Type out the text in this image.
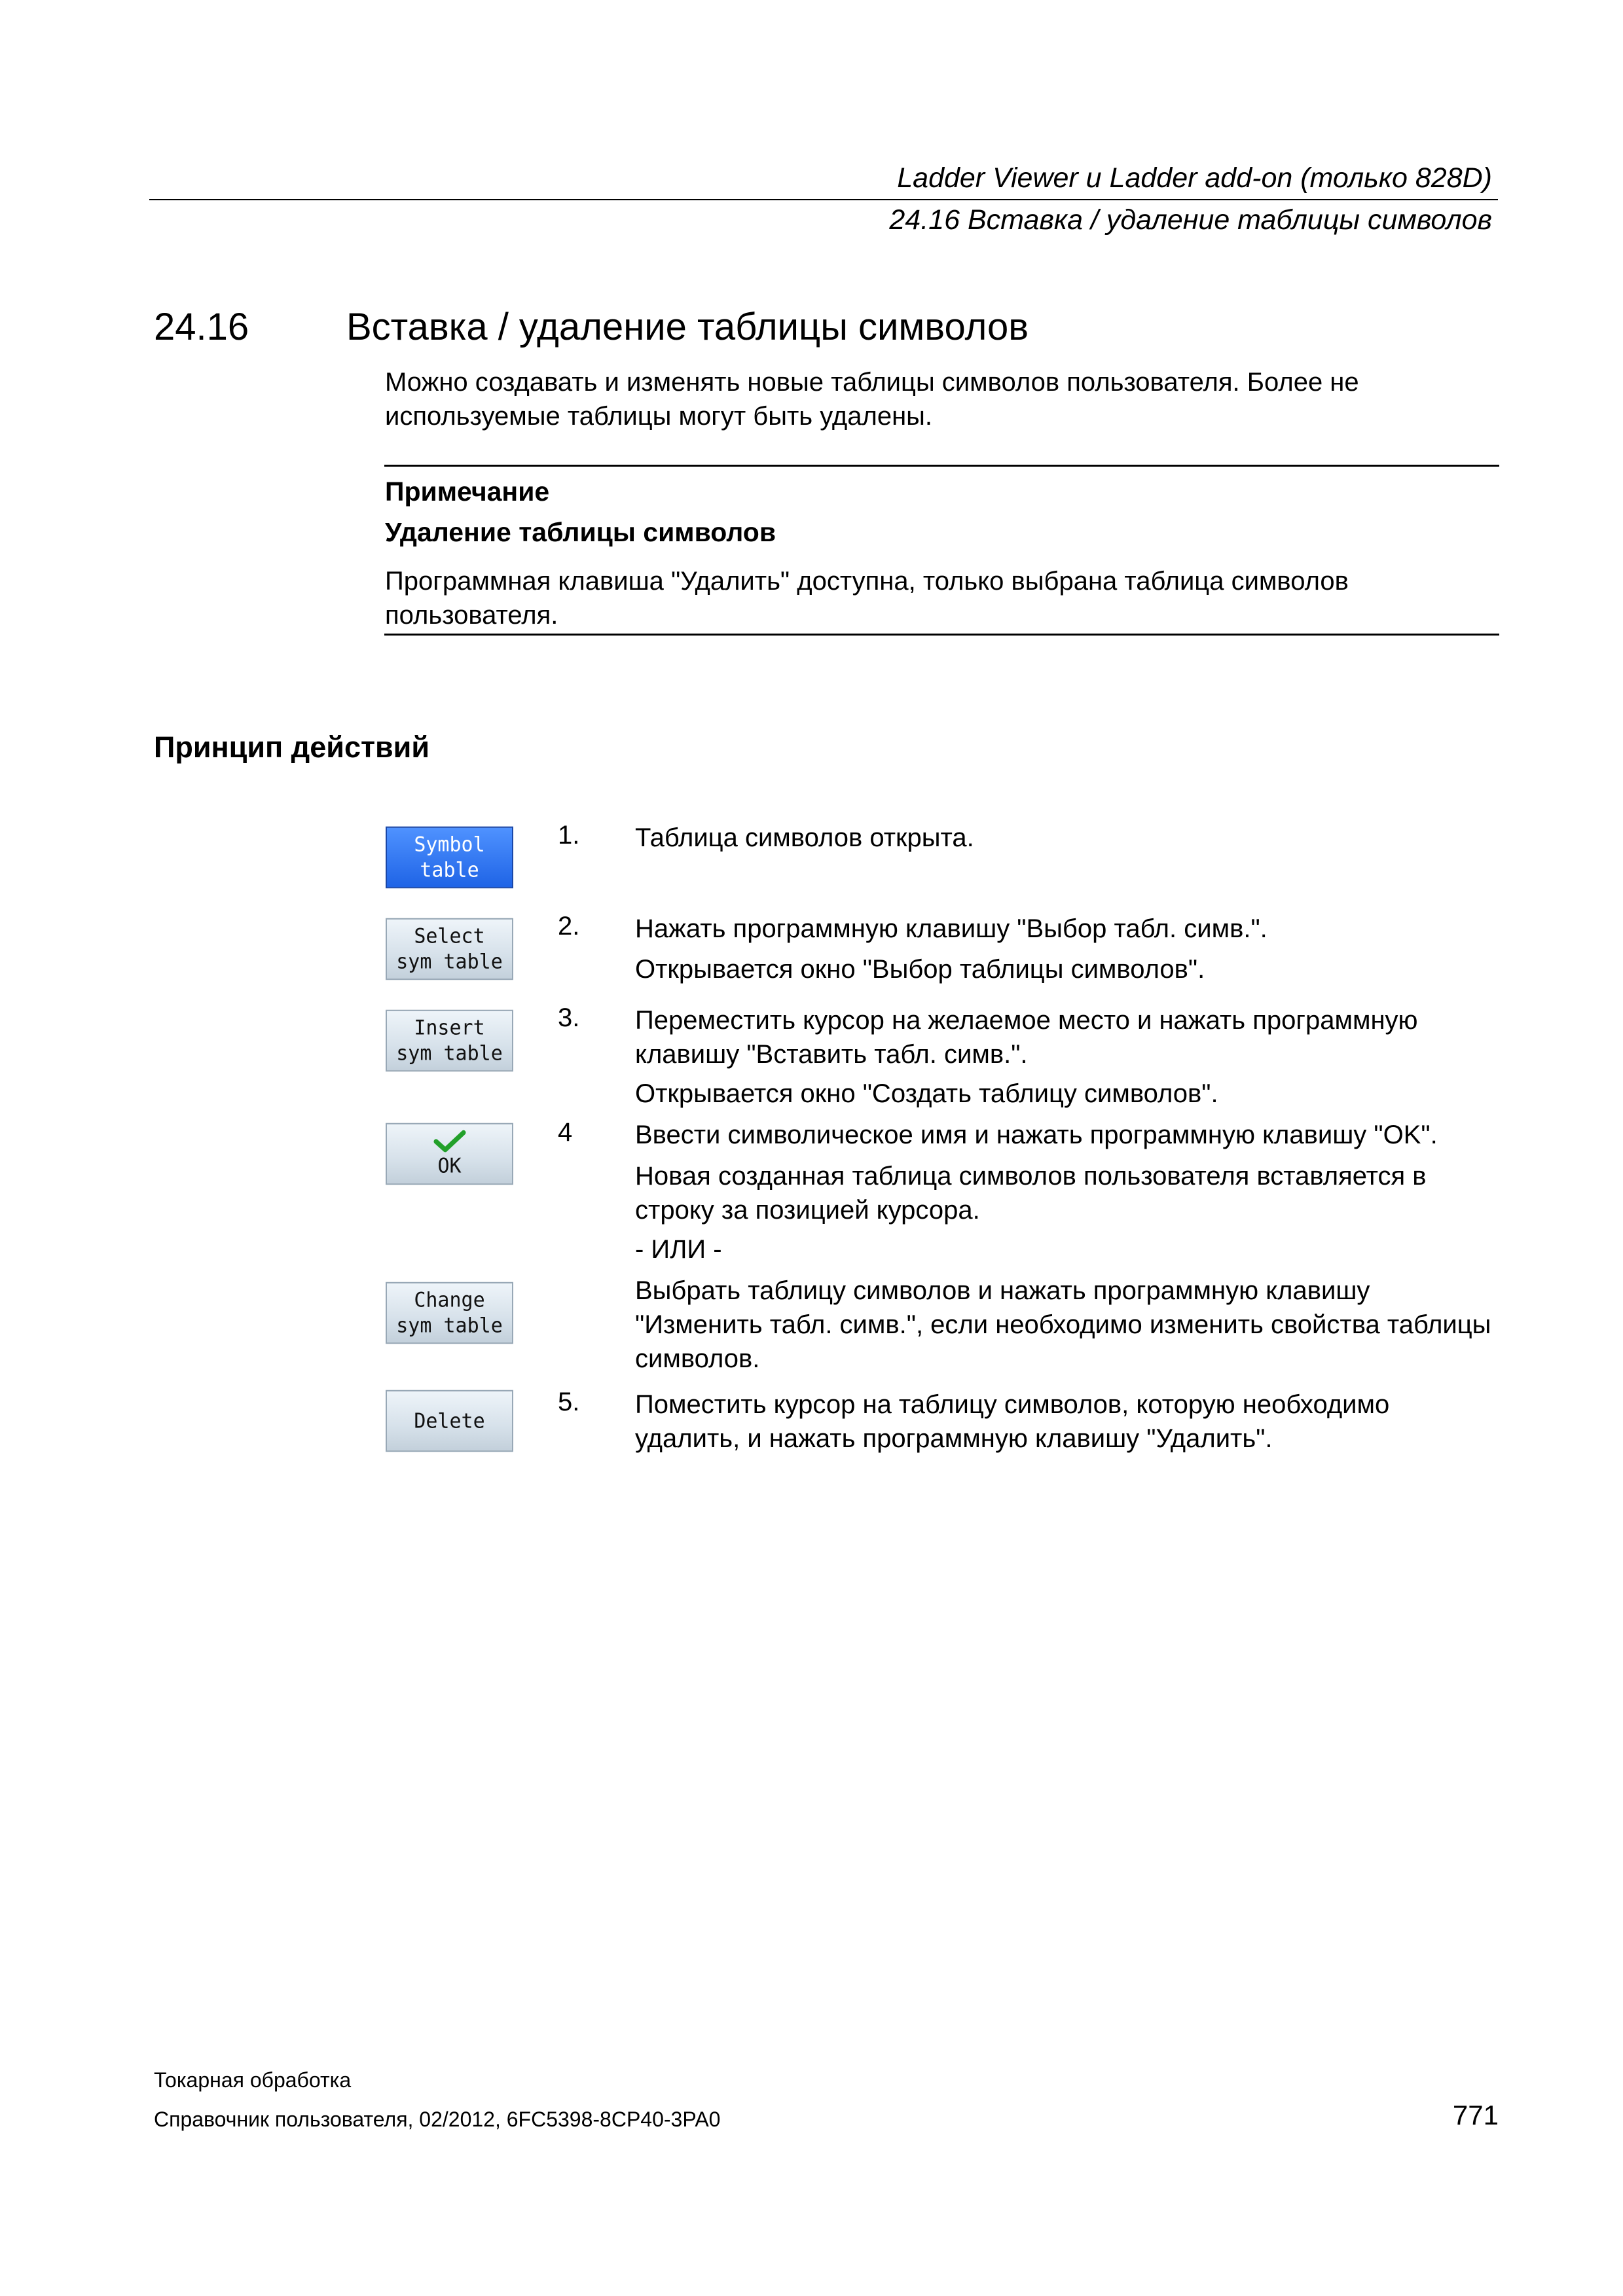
Ladder Viewer и Ladder add-on (только 828D)
24.16 Вставка / удаление таблицы символов
24.16	Вставка / удаление таблицы символов
Можно создавать и изменять новые таблицы символов пользователя. Более не используемые таблицы могут быть удалены.
Примечание
Удаление таблицы символов
Программная клавиша "Удалить" доступна, только выбрана таблица символов пользователя.
Принцип действий
Symbol
table
Select
sym table
Insert
sym table
OK
Change
sym table
Delete
1. Таблица символов открыта.
2. Нажать программную клавишу "Выбор табл. симв.".
Открывается окно "Выбор таблицы символов".
3. Переместить курсор на желаемое место и нажать программную клавишу "Вставить табл. симв.".
Открывается окно "Создать таблицу символов".
4 Ввести символическое имя и нажать программную клавишу "OK".
Новая созданная таблица символов пользователя вставляется в строку за позицией курсора.
- ИЛИ -
Выбрать таблицу символов и нажать программную клавишу "Изменить табл. симв.", если необходимо изменить свойства таблицы символов.
5. Поместить курсор на таблицу символов, которую необходимо удалить, и нажать программную клавишу "Удалить".
Токарная обработка
Справочник пользователя, 02/2012, 6FC5398-8CP40-3PA0	771
